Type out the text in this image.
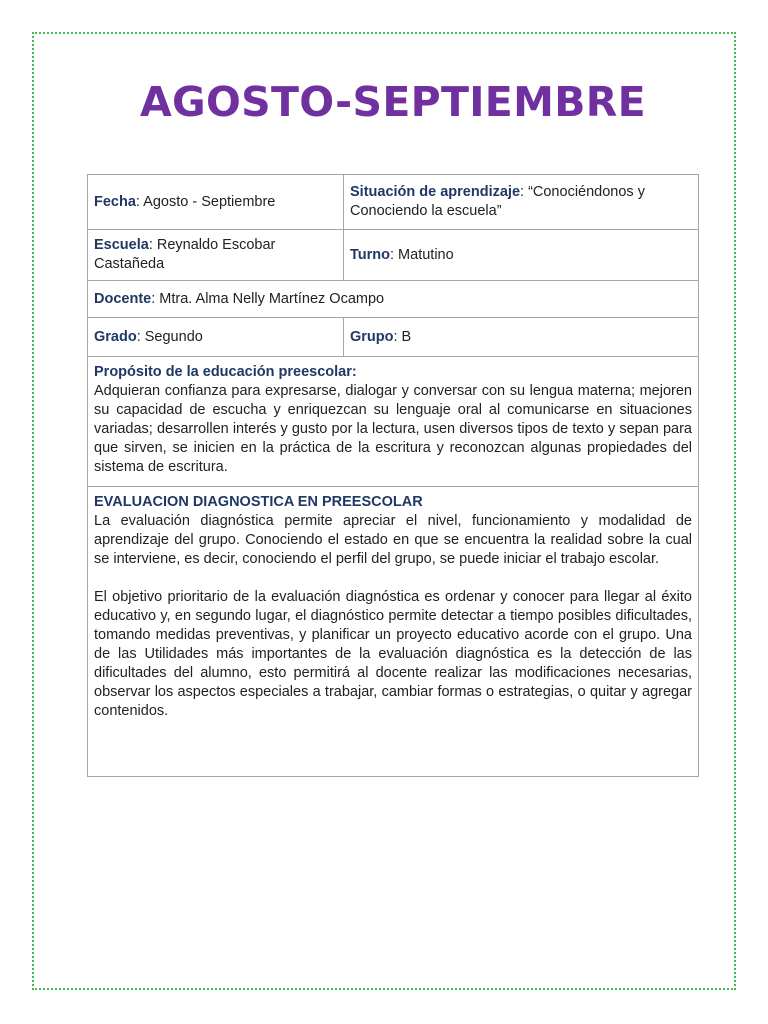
AGOSTO-SEPTIEMBRE
Fecha: Agosto - Septiembre	Situación de aprendizaje: “Conociéndonos y Conociendo la escuela”
Escuela: Reynaldo Escobar Castañeda	Turno: Matutino
Docente: Mtra. Alma Nelly Martínez Ocampo	
Grado: Segundo	Grupo: B

Propósito de la educación preescolar:

Adquieran confianza para expresarse, dialogar y conversar con su lengua materna; mejoren su capacidad de escucha y enriquezcan su lenguaje oral al comunicarse en situaciones variadas; desarrollen interés y gusto por la lectura, usen diversos tipos de texto y sepan para que sirven, se inicien en la práctica de la escritura y reconozcan algunas propiedades del sistema de escritura.	

EVALUACION DIAGNOSTICA EN PREESCOLAR

La evaluación diagnóstica permite apreciar el nivel, funcionamiento y modalidad de aprendizaje del grupo. Conociendo el estado en que se encuentra la realidad sobre la cual se interviene, es decir, conociendo el perfil del grupo, se puede iniciar el trabajo escolar.

El objetivo prioritario de la evaluación diagnóstica es ordenar y conocer para llegar al éxito educativo y, en segundo lugar, el diagnóstico permite detectar a tiempo posibles dificultades, tomando medidas preventivas, y planificar un proyecto educativo acorde con el grupo. Una de las Utilidades más importantes de la evaluación diagnóstica es la detección de las dificultades del alumno, esto permitirá al docente realizar las modificaciones necesarias, observar los aspectos especiales a trabajar, cambiar formas o estrategias, o quitar y agregar contenidos.	
